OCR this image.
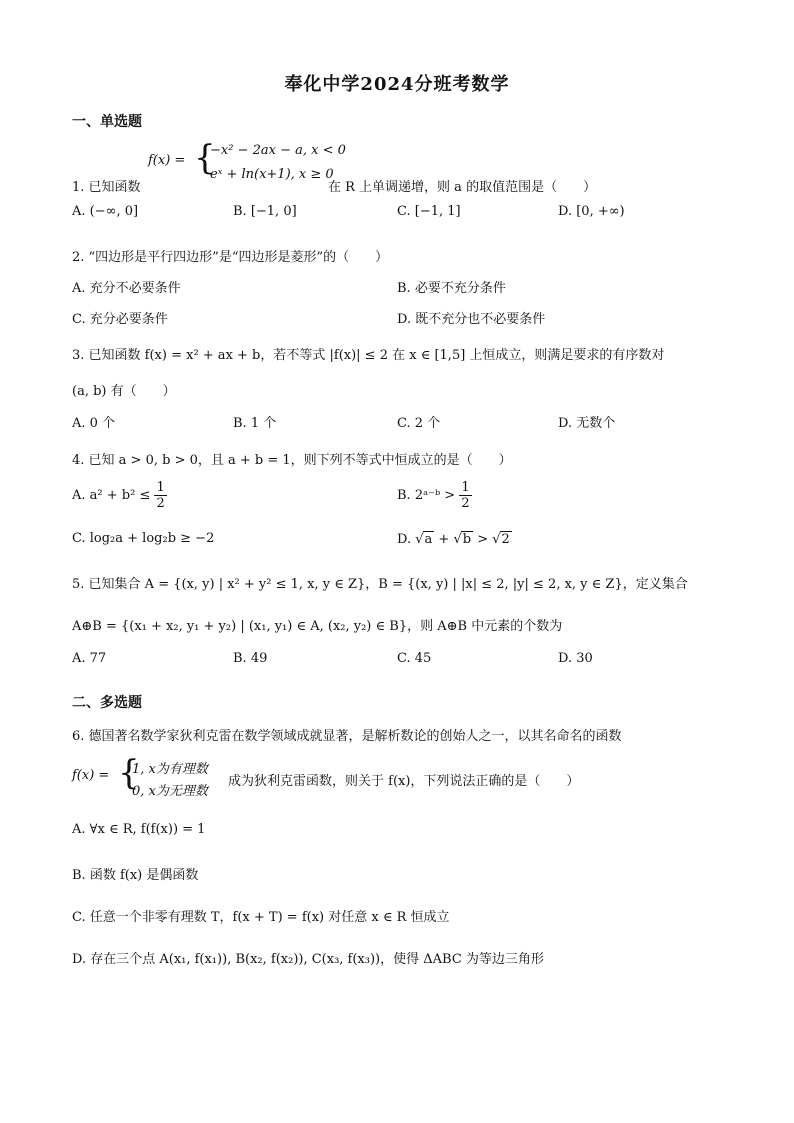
奉化中学2024分班考数学
一、单选题
f(x) = {
−x² − 2ax − a, x < 0
eˣ + ln(x+1), x ≥ 0
1. 已知函数	在 R 上单调递增，则 a 的取值范围是（　　）
A. (−∞, 0]	B. [−1, 0]	C. [−1, 1]	D. [0, +∞)
2. “四边形是平行四边形”是“四边形是菱形”的（　　）
A. 充分不必要条件	B. 必要不充分条件
C. 充分必要条件	D. 既不充分也不必要条件
3. 已知函数 f(x) = x² + ax + b，若不等式 |f(x)| ≤ 2 在 x ∈ [1,5] 上恒成立，则满足要求的有序数对
(a, b) 有（　　）
A. 0 个	B. 1 个	C. 2 个	D. 无数个
4. 已知 a > 0, b > 0，且 a + b = 1，则下列不等式中恒成立的是（　　）
A. $a^2 + b^2 \le \frac{1}{2}$	B. 2ᵃ⁻ᵇ > $\frac{1}{2}$
C. log₂a + log₂b ≥ −2	D. √a + √b > √2
5. 已知集合 A = {(x, y) | x² + y² ≤ 1, x, y ∈ Z}，B = {(x, y) | |x| ≤ 2, |y| ≤ 2, x, y ∈ Z}，定义集合
A⊕B = {(x₁ + x₂, y₁ + y₂) | (x₁, y₁) ∈ A, (x₂, y₂) ∈ B}，则 A⊕B 中元素的个数为
A. 77	B. 49	C. 45	D. 30
二、多选题
6. 德国著名数学家狄利克雷在数学领域成就显著，是解析数论的创始人之一，以其名命名的函数
f(x) = {
1, x为有理数
0, x为无理数
成为狄利克雷函数，则关于 f(x)，下列说法正确的是（　　）
A. ∀x ∈ R, f(f(x)) = 1
B. 函数 f(x) 是偶函数
C. 任意一个非零有理数 T，f(x + T) = f(x) 对任意 x ∈ R 恒成立
D. 存在三个点 A(x₁, f(x₁)), B(x₂, f(x₂)), C(x₃, f(x₃))，使得 ΔABC 为等边三角形
